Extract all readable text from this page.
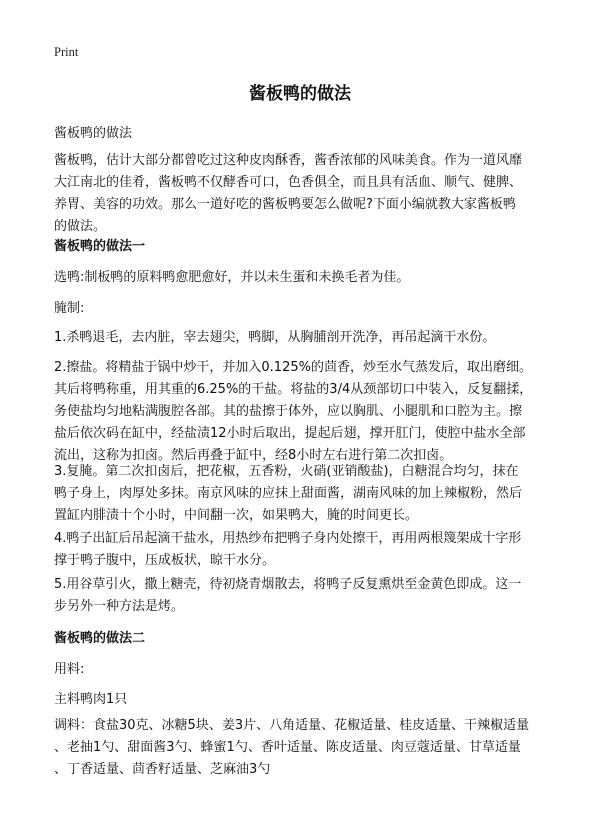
Print
酱板鸭的做法

酱板鸭的做法

酱板鸭，估计大部分都曾吃过这种皮肉酥香，酱香浓郁的风味美食。作为一道风靡
大江南北的佳肴，酱板鸭不仅酵香可口，色香俱全，而且具有活血、顺气、健脾、
养胃、美容的功效。那么一道好吃的酱板鸭要怎么做呢?下面小编就教大家酱板鸭
的做法。

酱板鸭的做法一

选鸭:制板鸭的原料鸭愈肥愈好，并以未生蛋和未换毛者为佳。

腌制:

1.杀鸭退毛，去内脏，宰去翅尖，鸭脚，从胸脯剖开洗净，再吊起滴干水份。
2.擦盐。将精盐于锅中炒干，并加入0.125%的茴香，炒至水气蒸发后，取出磨细。
其后将鸭称重，用其重的6.25%的干盐。将盐的3/4从颈部切口中装入，反复翻揉，
务使盐均匀地粘满腹腔各部。其的盐擦于体外，应以胸肌、小腿肌和口腔为主。擦
盐后依次码在缸中，经盐渍12小时后取出，提起后翅，撑开肛门，使腔中盐水全部
流出，这称为扣卤。然后再叠于缸中，经8小时左右进行第二次扣卤。
3.复腌。第二次扣卤后，把花椒，五香粉，火硝(亚销酸盐)，白糖混合均匀，抹在
鸭子身上，肉厚处多抹。南京风味的应抹上甜面酱，湖南风味的加上辣椒粉，然后
置缸内腓渍十个小时，中间翻一次，如果鸭大，腌的时间更长。
4.鸭子出缸后吊起滴干盐水，用热纱布把鸭子身内处擦干，再用两根篾架成十字形
撑于鸭子腹中，压成板状，晾干水分。
5.用谷草引火，撒上糖壳，待初烧青烟散去，将鸭子反复熏烘至金黄色即成。这一
步另外一种方法是烤。

酱板鸭的做法二

用料:

主料鸭肉1只

调料：食盐30克、冰糖5块、姜3片、八角适量、花椒适量、桂皮适量、干辣椒适量
、老抽1勺、甜面酱3勺、蜂蜜1勺、香叶适量、陈皮适量、肉豆蔻适量、甘草适量
、丁香适量、茴香籽适量、芝麻油3勺
